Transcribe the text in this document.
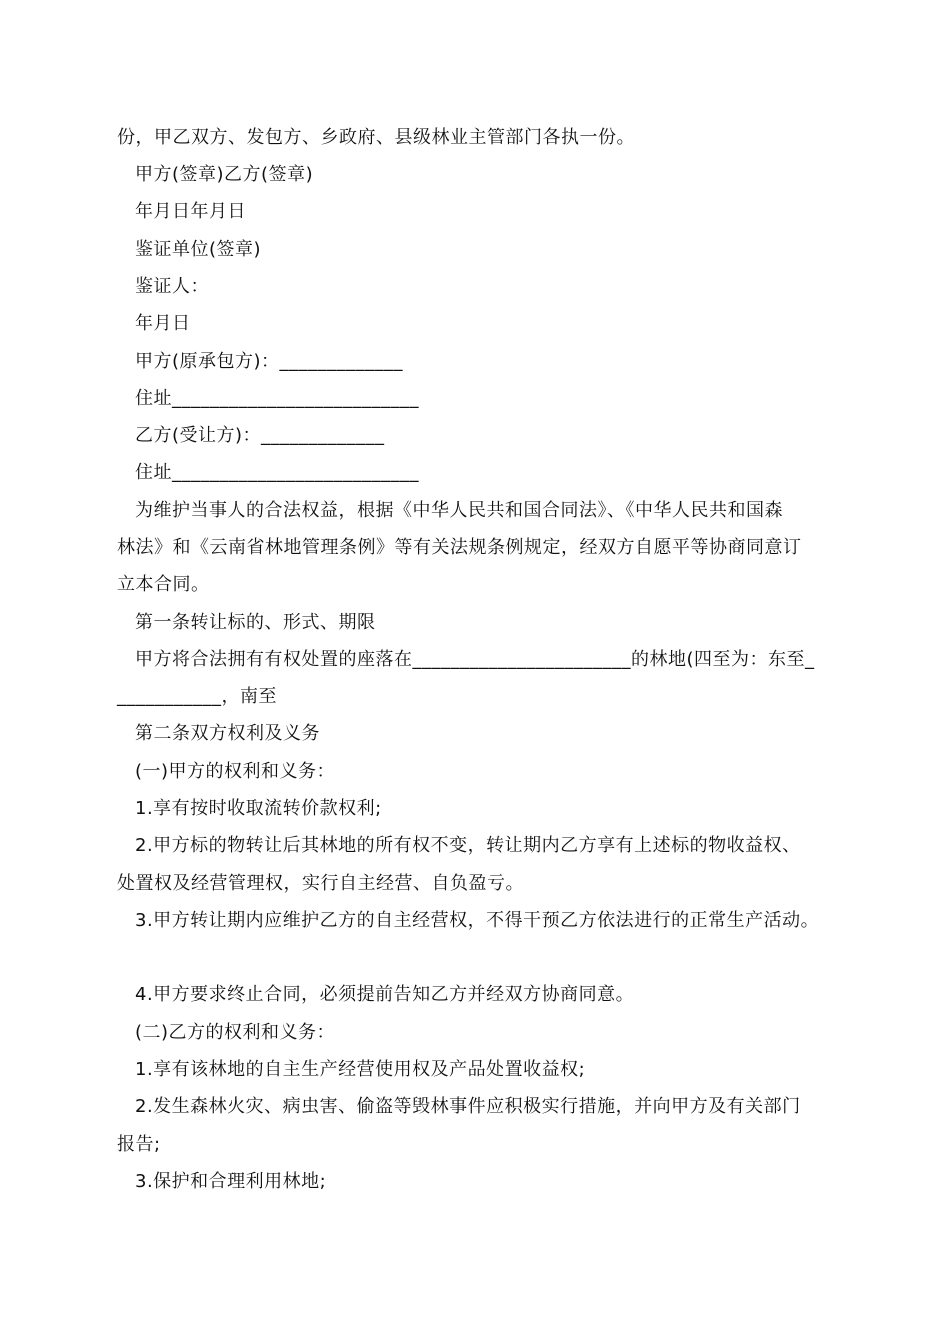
份，甲乙双方、发包方、乡政府、县级林业主管部门各执一份。
甲方(签章)乙方(签章)
年月日年月日
鉴证单位(签章)
鉴证人：
年月日
甲方(原承包方)：_____________
住址__________________________
乙方(受让方)：_____________
住址__________________________
为维护当事人的合法权益，根据《中华人民共和国合同法》、《中华人民共和国森
林法》和《云南省林地管理条例》等有关法规条例规定，经双方自愿平等协商同意订
立本合同。
第一条转让标的、形式、期限
甲方将合法拥有有权处置的座落在_______________________的林地(四至为：东至_
___________，南至
第二条双方权利及义务
(一)甲方的权利和义务：
1.享有按时收取流转价款权利;
2.甲方标的物转让后其林地的所有权不变，转让期内乙方享有上述标的物收益权、
处置权及经营管理权，实行自主经营、自负盈亏。
3.甲方转让期内应维护乙方的自主经营权，不得干预乙方依法进行的正常生产活动。
4.甲方要求终止合同，必须提前告知乙方并经双方协商同意。
(二)乙方的权利和义务：
1.享有该林地的自主生产经营使用权及产品处置收益权;
2.发生森林火灾、病虫害、偷盗等毁林事件应积极实行措施，并向甲方及有关部门
报告;
3.保护和合理利用林地;
